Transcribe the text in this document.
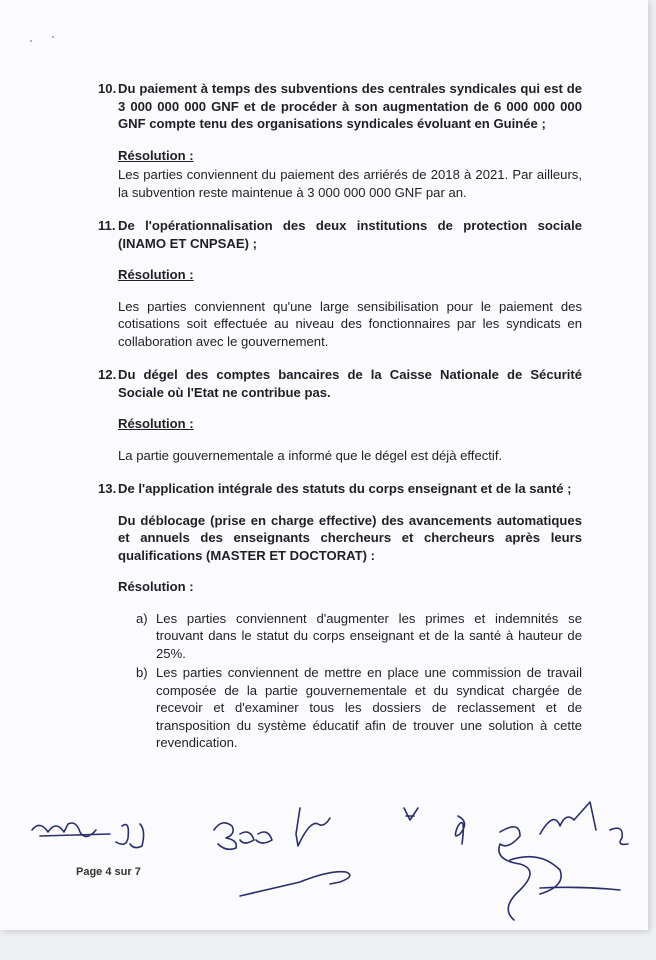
10. Du paiement à temps des subventions des centrales syndicales qui est de 3 000 000 000 GNF et de procéder à son augmentation de 6 000 000 000 GNF compte tenu des organisations syndicales évoluant en Guinée ;
Résolution :
Les parties conviennent du paiement des arriérés de 2018 à 2021. Par ailleurs, la subvention reste maintenue à 3 000 000 000 GNF par an.
11. De l'opérationnalisation des deux institutions de protection sociale (INAMO ET CNPSAE) ;
Résolution :
Les parties conviennent qu'une large sensibilisation pour le paiement des cotisations soit effectuée au niveau des fonctionnaires par les syndicats en collaboration avec le gouvernement.
12. Du dégel des comptes bancaires de la Caisse Nationale de Sécurité Sociale où l'Etat ne contribue pas.
Résolution :
La partie gouvernementale a informé que le dégel est déjà effectif.
13. De l'application intégrale des statuts du corps enseignant et de la santé ;
Du déblocage (prise en charge effective) des avancements automatiques et annuels des enseignants chercheurs et chercheurs après leurs qualifications (MASTER ET DOCTORAT) :
Résolution :
a) Les parties conviennent d'augmenter les primes et indemnités se trouvant dans le statut du corps enseignant et de la santé à hauteur de 25%.
b) Les parties conviennent de mettre en place une commission de travail composée de la partie gouvernementale et du syndicat chargée de recevoir et d'examiner tous les dossiers de reclassement et de transposition du système éducatif afin de trouver une solution à cette revendication.
Page 4 sur 7
